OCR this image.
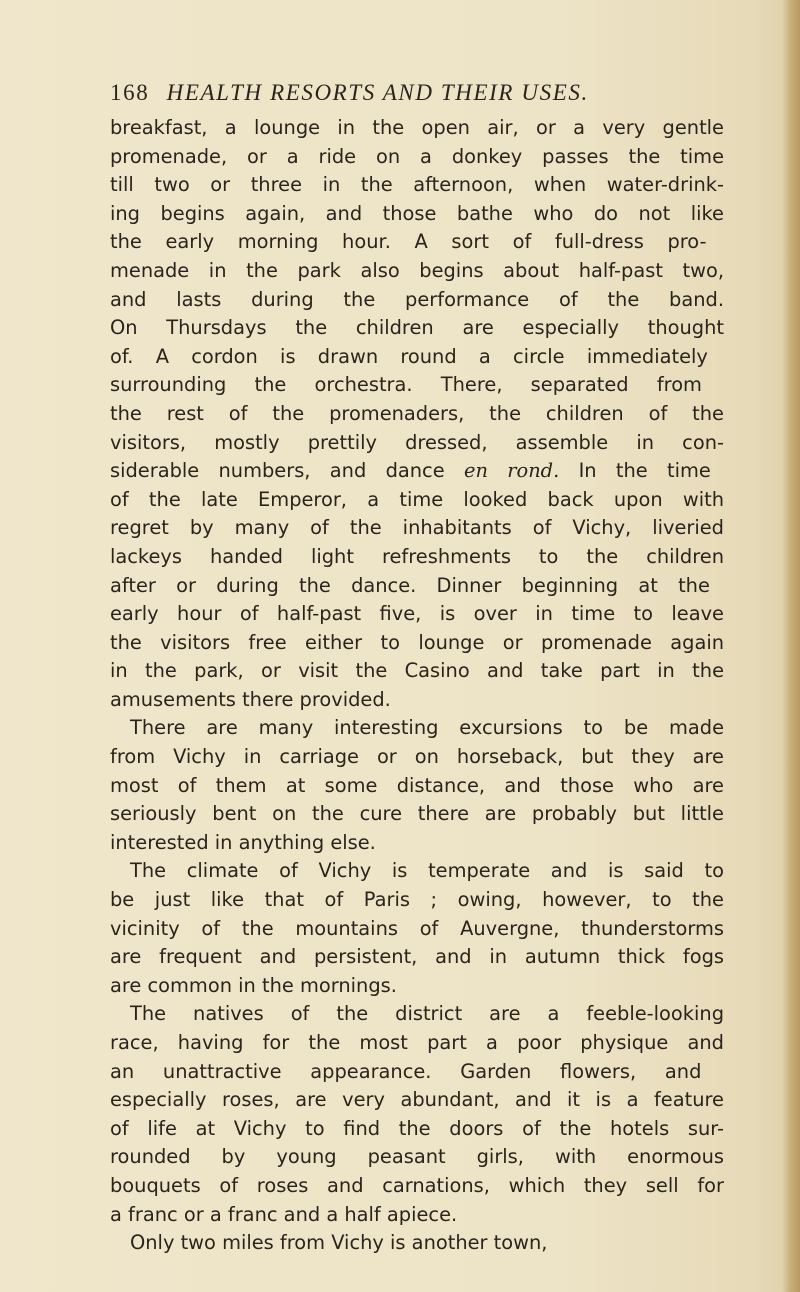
168 HEALTH RESORTS AND THEIR USES.
breakfast, a lounge in the open air, or a very gentle
promenade, or a ride on a donkey passes the time
till two or three in the afternoon, when water-drink-
ing begins again, and those bathe who do not like
the early morning hour. A sort of full-dress pro-
menade in the park also begins about half-past two,
and lasts during the performance of the band.
On Thursdays the children are especially thought
of. A cordon is drawn round a circle immediately
surrounding the orchestra. There, separated from
the rest of the promenaders, the children of the
visitors, mostly prettily dressed, assemble in con-
siderable numbers, and dance en rond. In the time
of the late Emperor, a time looked back upon with
regret by many of the inhabitants of Vichy, liveried
lackeys handed light refreshments to the children
after or during the dance. Dinner beginning at the
early hour of half-past five, is over in time to leave
the visitors free either to lounge or promenade again
in the park, or visit the Casino and take part in the
amusements there provided.
There are many interesting excursions to be made
from Vichy in carriage or on horseback, but they are
most of them at some distance, and those who are
seriously bent on the cure there are probably but little
interested in anything else.
The climate of Vichy is temperate and is said to
be just like that of Paris ; owing, however, to the
vicinity of the mountains of Auvergne, thunderstorms
are frequent and persistent, and in autumn thick fogs
are common in the mornings.
The natives of the district are a feeble-looking
race, having for the most part a poor physique and
an unattractive appearance. Garden flowers, and
especially roses, are very abundant, and it is a feature
of life at Vichy to find the doors of the hotels sur-
rounded by young peasant girls, with enormous
bouquets of roses and carnations, which they sell for
a franc or a franc and a half apiece.
Only two miles from Vichy is another town,
